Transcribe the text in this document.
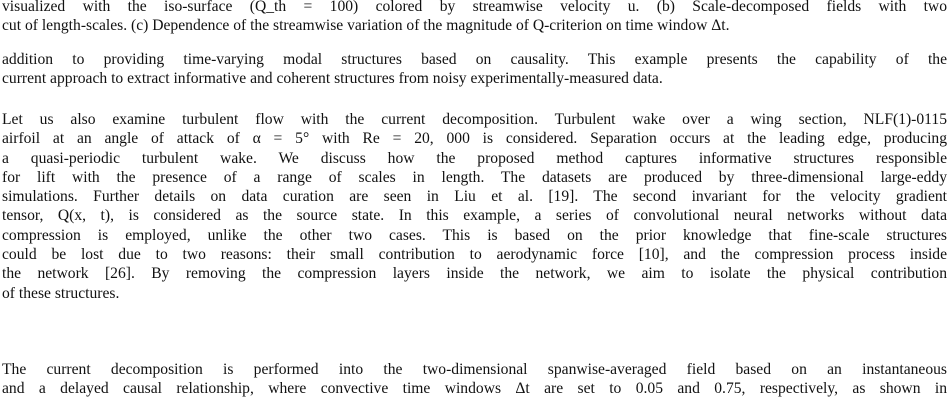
visualized with the iso-surface (Q_th = 100) colored by streamwise velocity u. (b) Scale-decomposed fields with two
cut of length-scales. (c) Dependence of the streamwise variation of the magnitude of Q-criterion on time window Δt.
addition to providing time-varying modal structures based on causality. This example presents the capability of the
current approach to extract informative and coherent structures from noisy experimentally-measured data.
Let us also examine turbulent flow with the current decomposition. Turbulent wake over a wing section, NLF(1)-0115
airfoil at an angle of attack of α = 5° with Re = 20, 000 is considered. Separation occurs at the leading edge, producing
a quasi-periodic turbulent wake. We discuss how the proposed method captures informative structures responsible
for lift with the presence of a range of scales in length. The datasets are produced by three-dimensional large-eddy
simulations. Further details on data curation are seen in Liu et al. [19]. The second invariant for the velocity gradient
tensor, Q(x, t), is considered as the source state. In this example, a series of convolutional neural networks without data
compression is employed, unlike the other two cases. This is based on the prior knowledge that fine-scale structures
could be lost due to two reasons: their small contribution to aerodynamic force [10], and the compression process inside
the network [26]. By removing the compression layers inside the network, we aim to isolate the physical contribution
of these structures.
The current decomposition is performed into the two-dimensional spanwise-averaged field based on an instantaneous
and a delayed causal relationship, where convective time windows Δt are set to 0.05 and 0.75, respectively, as shown in
